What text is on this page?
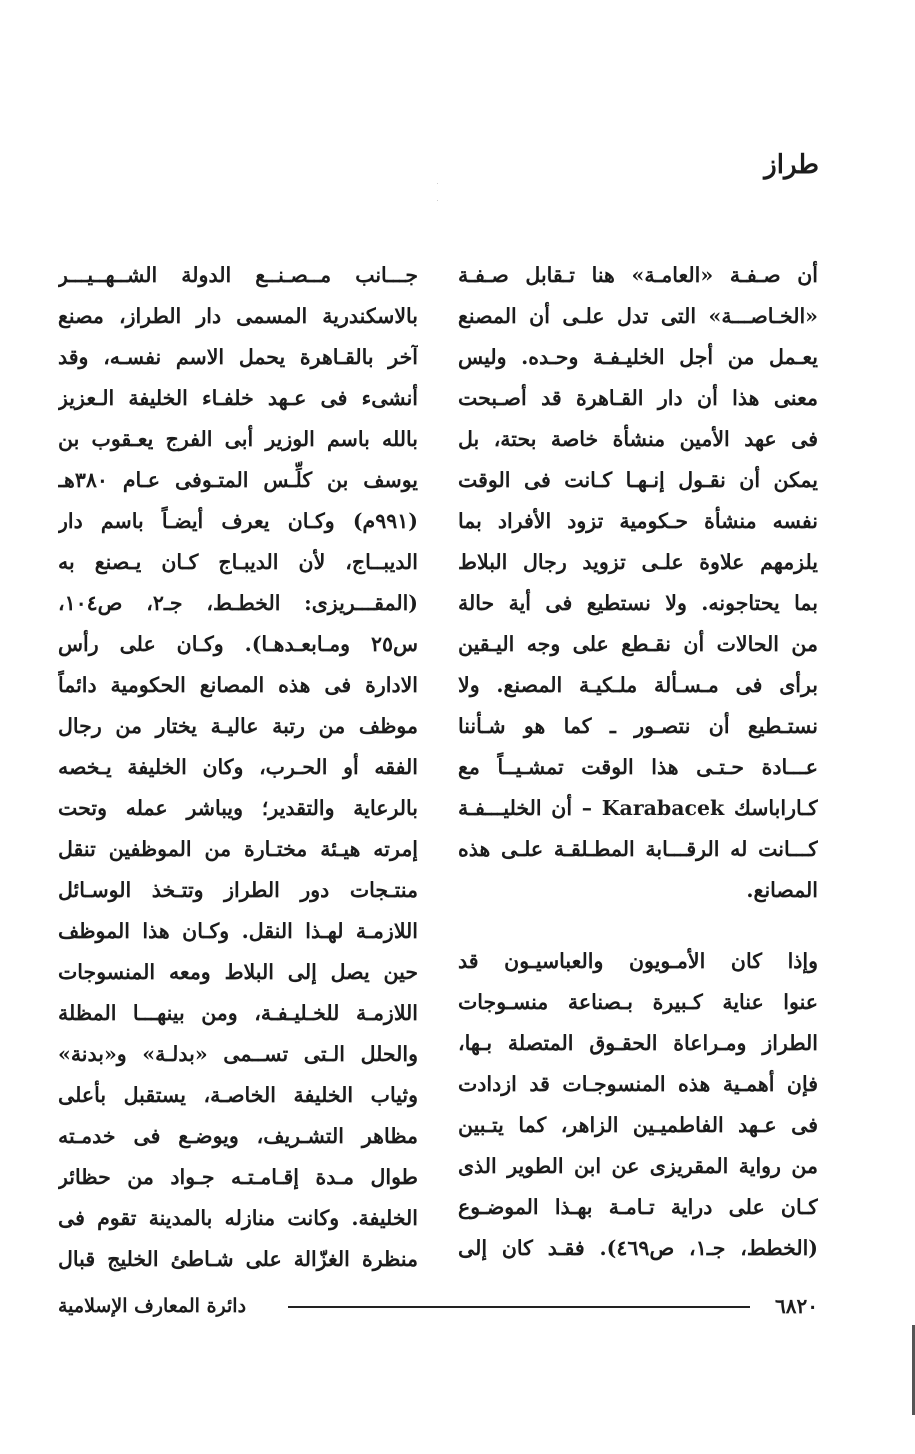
طراز
أن صـفـة «العامـة» هنا تـقابل صـفـة
«الخـاصـــة» التى تدل علـى أن المصنع
يعـمل من أجل الخليـفـة وحـده. وليس
معنى هذا أن دار القـاهرة قد أصـبحت
فى عهد الأمين منشأة خاصة بحتة، بل
يمكن أن نقـول إنـهـا كـانت فى الوقت
نفسه منشأة حـكومية تزود الأفراد بما
يلزمهم علاوة علـى تزويد رجال البلاط
بما يحتاجونه. ولا نستطيع فى أية حالة
من الحالات أن نقـطع على وجه اليـقين
برأى فى مـسـألة ملـكيـة المصنع. ولا
نستـطيع أن نتصـور ـ كما هو شـأننا
عـــادة حـتـى هذا الوقت تمشـيــاً مع
كـاراباسك Karabacek – أن الخليـــفـة
كـــانت له الرقـــابة المطـلقـة علـى هذه
المصانع.
وإذا كان الأمـويون والعباسيـون قد
عنوا عناية كـبيرة بـصناعة منسـوجات
الطراز ومـراعاة الحقـوق المتصلة بـها،
فإن أهمـية هذه المنسوجـات قد ازدادت
فى عـهد الفاطميـين الزاهر، كما يتـبين
من رواية المقريزى عن ابن الطوير الذى
كـان على دراية تـامـة بهـذا الموضـوع
(الخطط، جـ١، ص٤٦٩). فقـد كان إلى
جـــانب مــصـنــع الدولة الشــهــيـــر
بالاسكندرية المسمى دار الطراز، مصنع
آخر بالقـاهرة يحمل الاسم نفسـه، وقد
أنشىء فى عـهد خلفـاء الخليفة الـعزيز
بالله باسم الوزير أبى الفرج يعـقوب بن
يوسف بن كلِّـس المتـوفى عـام ٣٨٠هـ
(٩٩١م) وكـان يعرف أيضـاً باسم دار
الديبــاج، لأن الديبـاج كـان يـصنع به
(المقـــريزى: الخطـط، جـ٢، ص١٠٤،
س٢٥ ومـابعـدهـا). وكـان على رأس
الادارة فى هذه المصانع الحكومية دائماً
موظف من رتبة عاليـة يختار من رجال
الفقه أو الحـرب، وكان الخليفة يـخصه
بالرعاية والتقدير؛ ويباشر عمله وتحت
إمرته هيـئة مختـارة من الموظفين تنقل
منتـجات دور الطراز وتتـخذ الوسـائل
اللازمـة لهـذا النقل. وكـان هذا الموظف
حين يصل إلى البلاط ومعه المنسوجات
اللازمـة للخـليـفـة، ومن بينهـــا المظلة
والحلل الـتى تســمى «بدلـة» و«بدنة»
وثياب الخليفة الخاصـة، يستقبل بأعلى
مظاهر التشـريف، ويوضـع فى خدمـته
طوال مـدة إقـامـتـه جـواد من حظائر
الخليفة. وكانت منازله بالمدينة تقوم فى
منظرة الغزّالة على شـاطئ الخليج قبال
٦٨٢٠
دائرة المعارف الإسلامية
